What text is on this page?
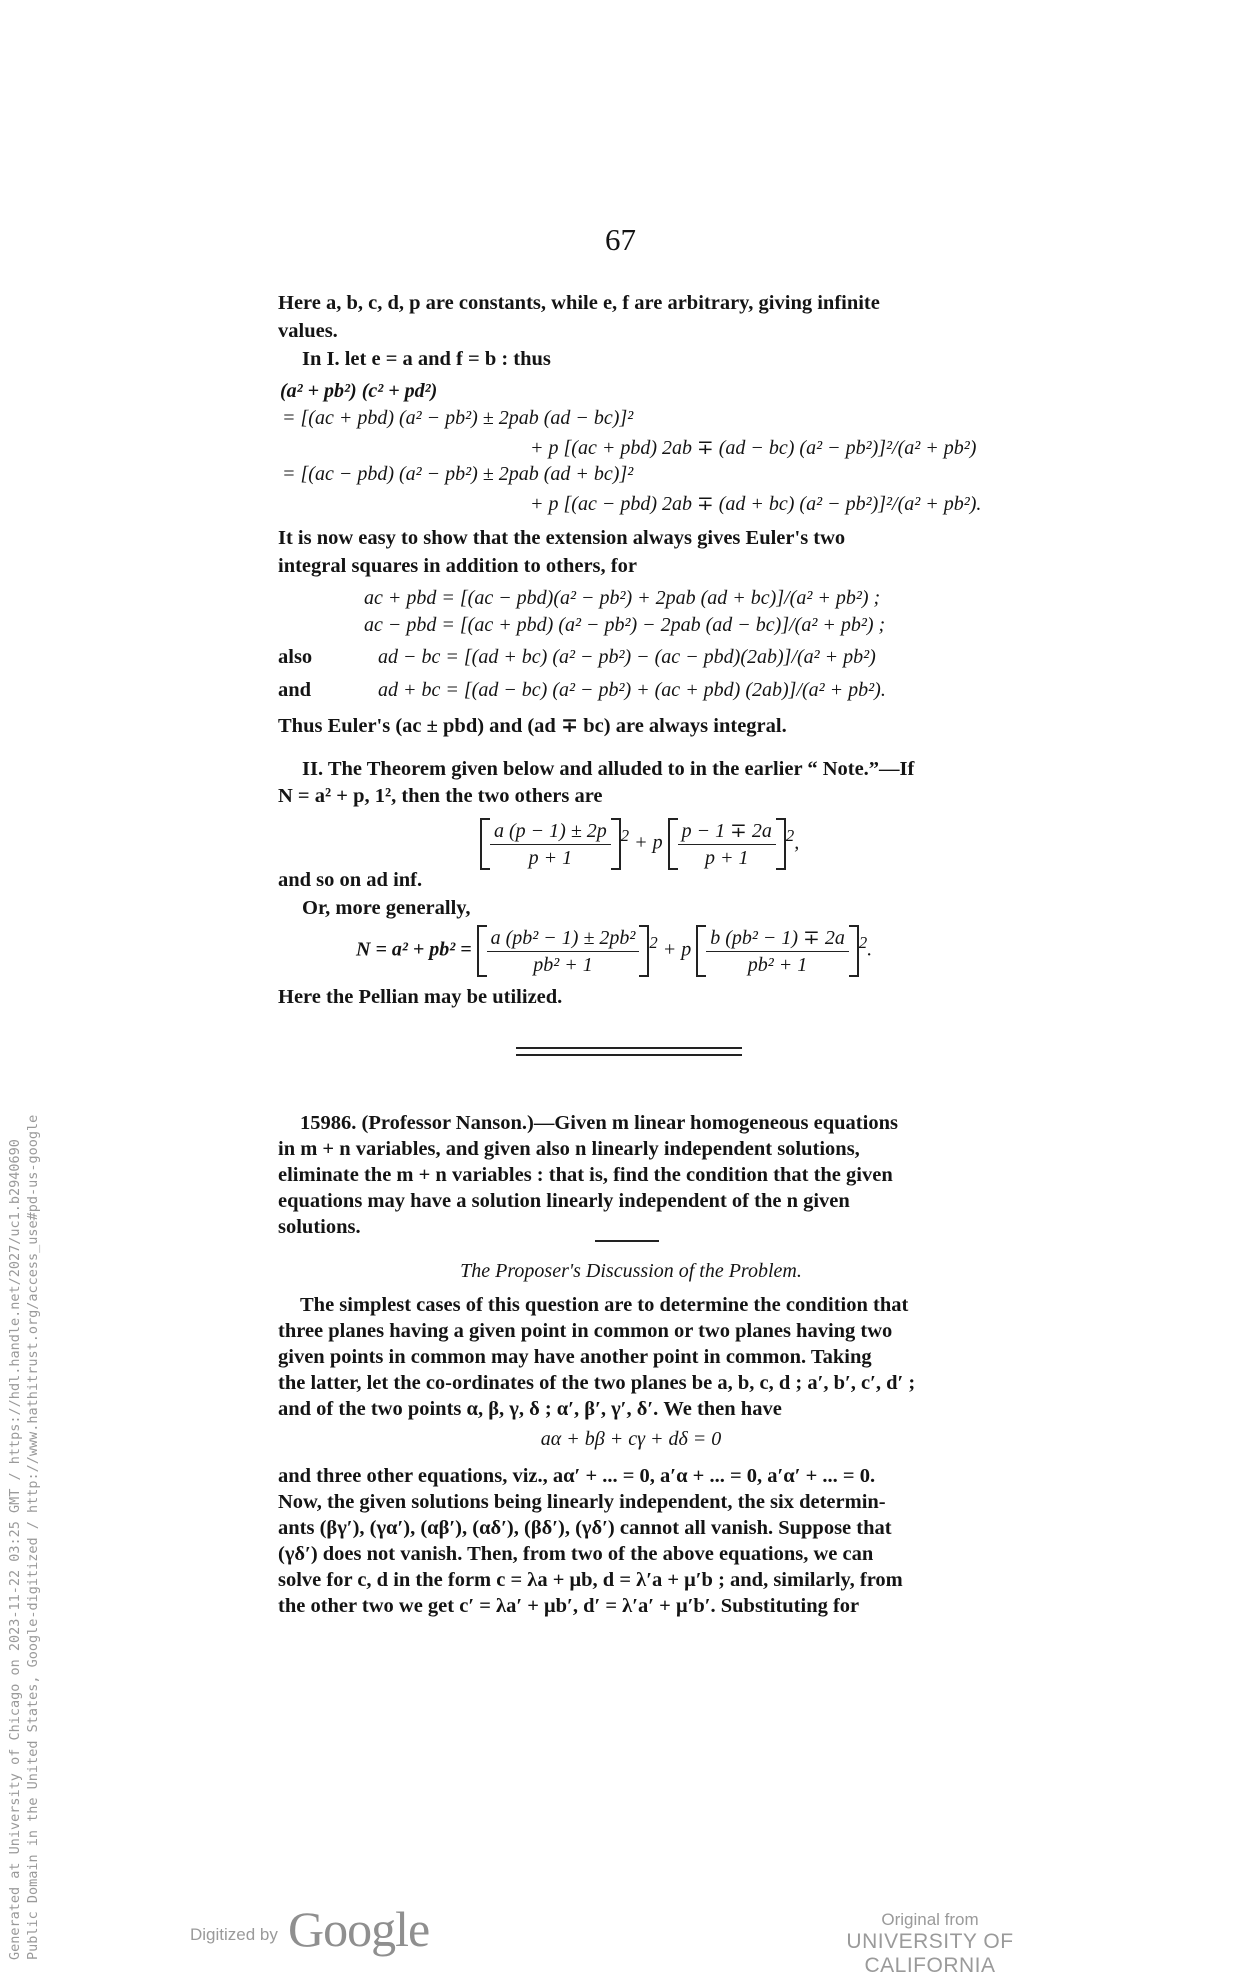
67
Here a, b, c, d, p are constants, while e, f are arbitrary, giving infinite
values.
In I. let e = a and f = b : thus
(a² + pb²) (c² + pd²)
= [(ac + pbd) (a² − pb²) ± 2pab (ad − bc)]²
+ p [(ac + pbd) 2ab ∓ (ad − bc) (a² − pb²)]²/(a² + pb²)
= [(ac − pbd) (a² − pb²) ± 2pab (ad + bc)]²
+ p [(ac − pbd) 2ab ∓ (ad + bc) (a² − pb²)]²/(a² + pb²).
It is now easy to show that the extension always gives Euler's two
integral squares in addition to others, for
ac + pbd = [(ac − pbd)(a² − pb²) + 2pab (ad + bc)]/(a² + pb²) ;
ac − pbd = [(ac + pbd) (a² − pb²) − 2pab (ad − bc)]/(a² + pb²) ;
also	ad − bc = [(ad + bc) (a² − pb²) − (ac − pbd)(2ab)]/(a² + pb²)
and	ad + bc = [(ad − bc) (a² − pb²) + (ac + pbd) (2ab)]/(a² + pb²).
Thus Euler's (ac ± pbd) and (ad ∓ bc) are always integral.
II. The Theorem given below and alluded to in the earlier “ Note.”—If
N = a² + p, 1², then the two others are
$\frac{a (p - 1) \pm 2p}{p + 1} ^2 + p \frac{p - 1 \mp 2a}{p + 1} ^2$,
and so on ad inf.
Or, more generally,
$N = a^2 + pb^2 = \frac{\text{a (pb² − 1) ± 2pb²}}{\text{pb² + 1}} ^2 + p \frac{\text{b (pb² − 1) ∓ 2a}}{\text{pb² + 1}} ^2$.
Here the Pellian may be utilized.
15986. (Professor Nanson.)—Given m linear homogeneous equations
in m + n variables, and given also n linearly independent solutions,
eliminate the m + n variables : that is, find the condition that the given
equations may have a solution linearly independent of the n given
solutions.
The Proposer's Discussion of the Problem.
The simplest cases of this question are to determine the condition that
three planes having a given point in common or two planes having two
given points in common may have another point in common. Taking
the latter, let the co-ordinates of the two planes be a, b, c, d ; a′, b′, c′, d′ ;
and of the two points α, β, γ, δ ; α′, β′, γ′, δ′. We then have
aα + bβ + cγ + dδ = 0
and three other equations, viz., aα′ + ... = 0, a′α + ... = 0, a′α′ + ... = 0.
Now, the given solutions being linearly independent, the six determin-
ants (βγ′), (γα′), (αβ′), (αδ′), (βδ′), (γδ′) cannot all vanish. Suppose that
(γδ′) does not vanish. Then, from two of the above equations, we can
solve for c, d in the form c = λa + μb, d = λ′a + μ′b ; and, similarly, from
the other two we get c′ = λa′ + μb′, d′ = λ′a′ + μ′b′. Substituting for
Generated at University of Chicago on 2023-11-22 03:25 GMT / https://hdl.handle.net/2027/uc1.b2940690 Public Domain in the United States, Google-digitized / http://www.hathitrust.org/access_use#pd-us-google	Digitized by Google	Original from
UNIVERSITY OF CALIFORNIA
